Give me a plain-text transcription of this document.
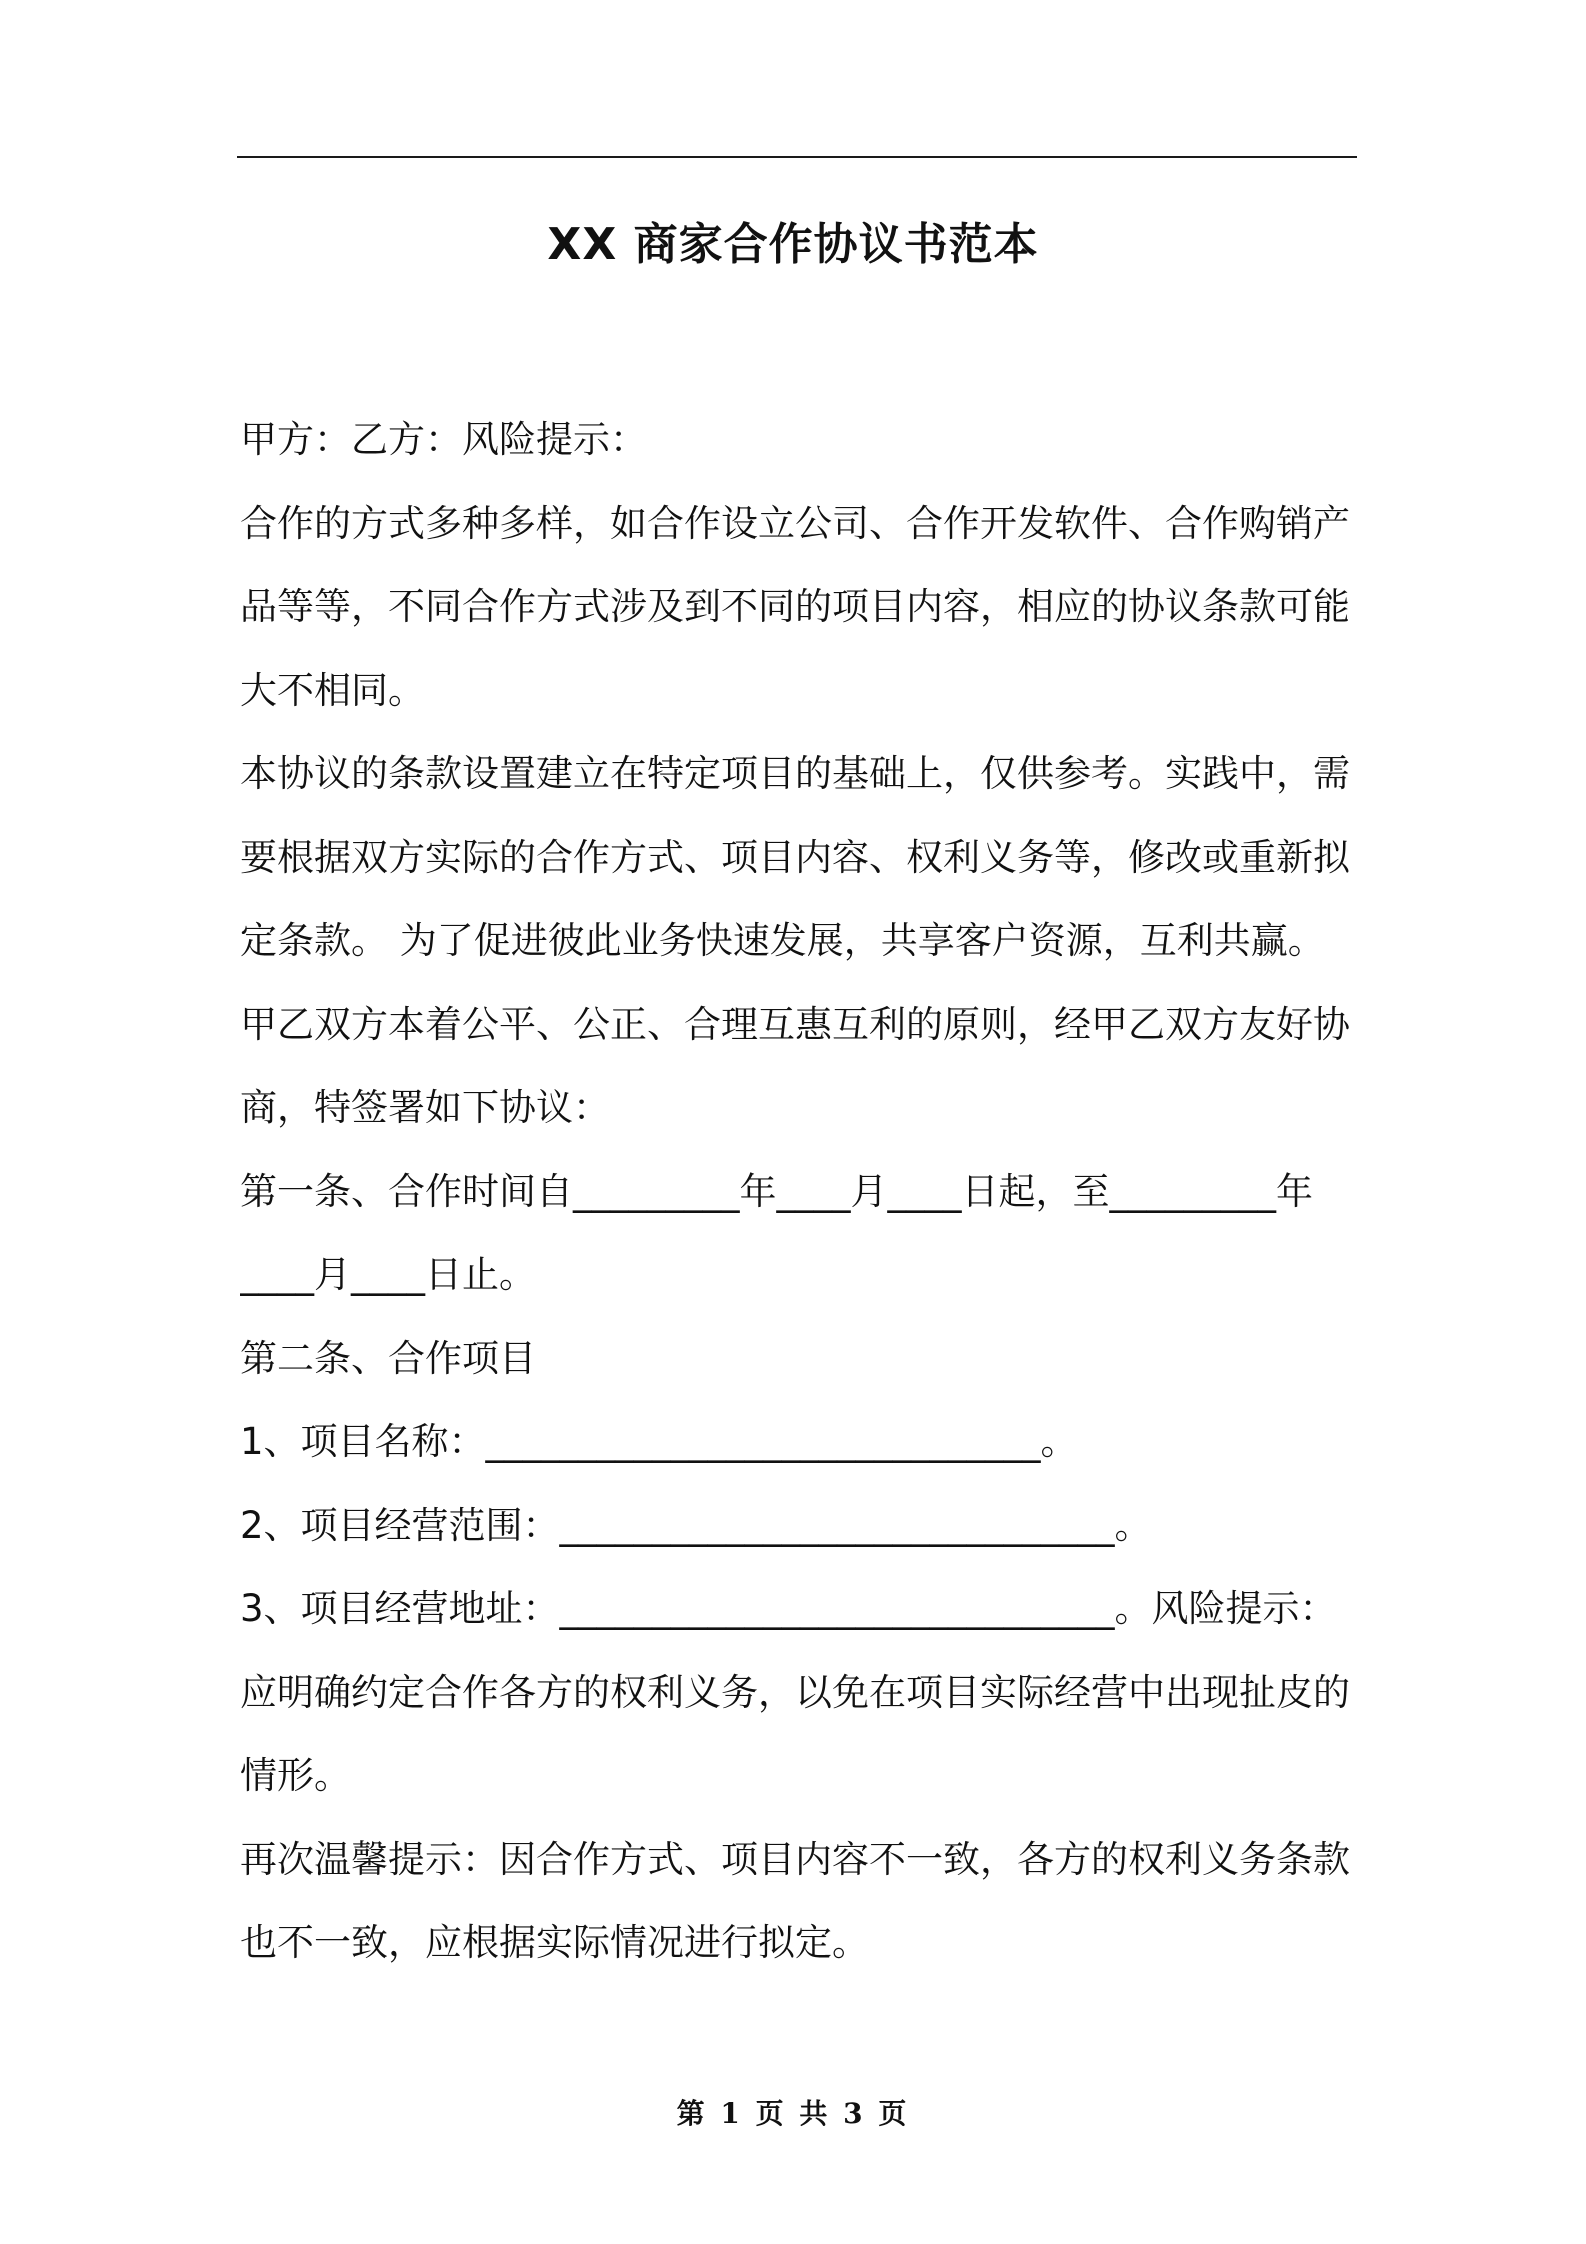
XX 商家合作协议书范本
甲方：乙方：风险提示：
合作的方式多种多样，如合作设立公司、合作开发软件、合作购销产
品等等，不同合作方式涉及到不同的项目内容，相应的协议条款可能
大不相同。
本协议的条款设置建立在特定项目的基础上，仅供参考。实践中，需
要根据双方实际的合作方式、项目内容、权利义务等，修改或重新拟
定条款。 为了促进彼此业务快速发展，共享客户资源，互利共赢。
甲乙双方本着公平、公正、合理互惠互利的原则，经甲乙双方友好协
商，特签署如下协议：
第一条、合作时间自_________年____月____日起，至_________年
____月____日止。
第二条、合作项目
1、项目名称：______________________________。
2、项目经营范围：______________________________。
3、项目经营地址：______________________________。风险提示：
应明确约定合作各方的权利义务，以免在项目实际经营中出现扯皮的
情形。
再次温馨提示：因合作方式、项目内容不一致，各方的权利义务条款
也不一致，应根据实际情况进行拟定。
第 1 页 共 3 页
